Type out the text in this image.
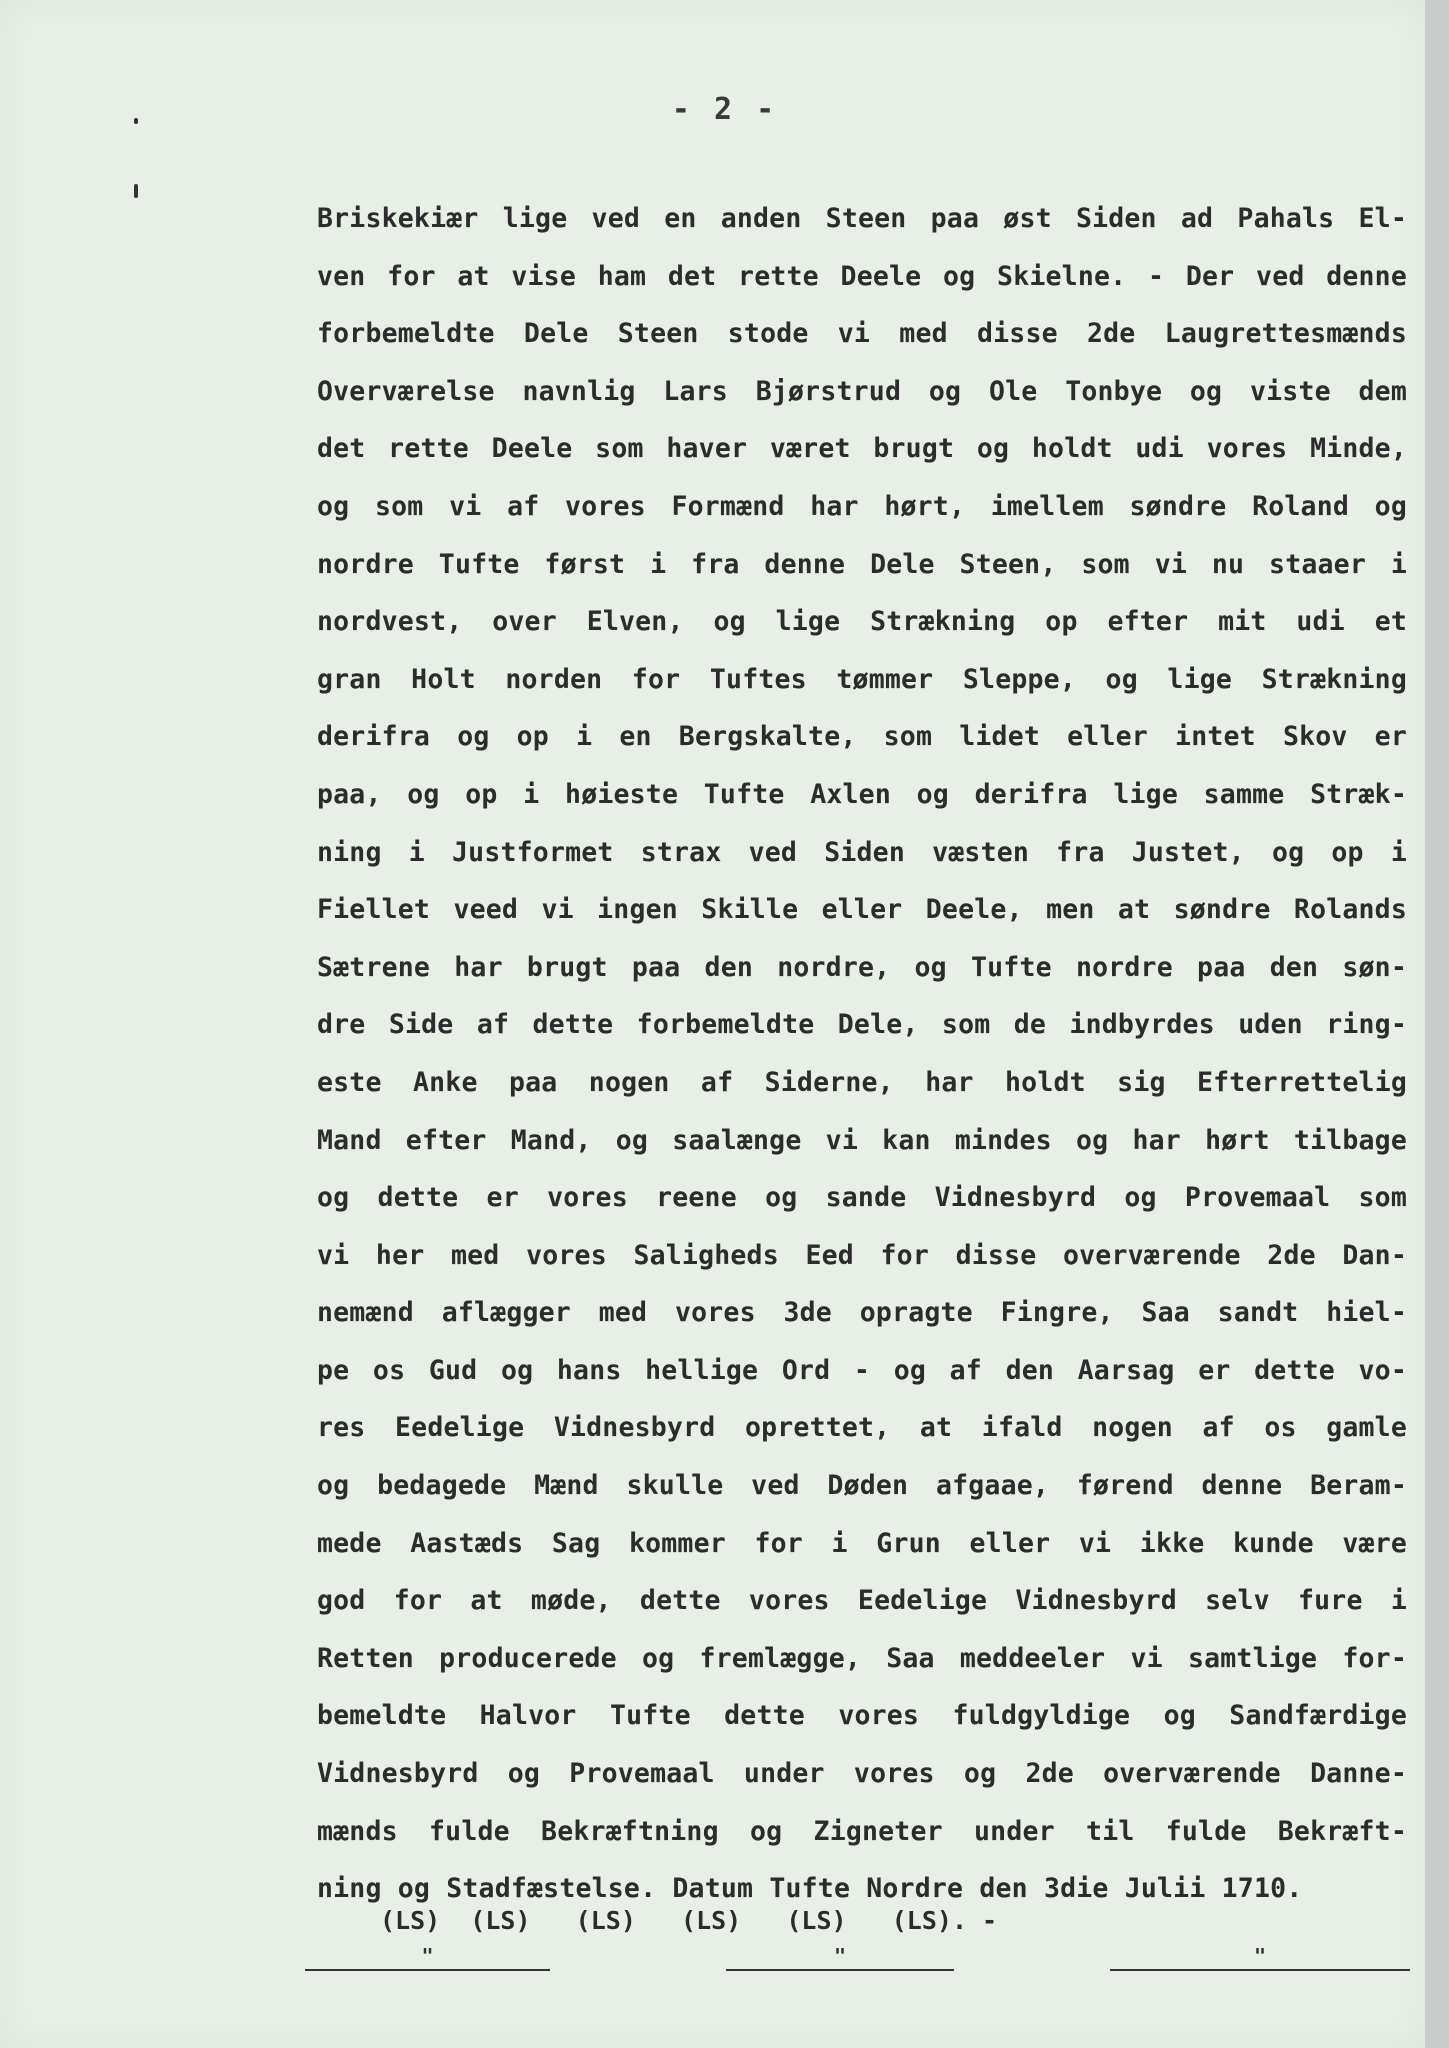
- 2 -
Briskekiær lige ved en anden Steen paa øst Siden ad Pahals El-
ven for at vise ham det rette Deele og Skielne. - Der ved denne
forbemeldte Dele Steen stode vi med disse 2de Laugrettesmænds
Overværelse navnlig Lars Bjørstrud og Ole Tonbye og viste dem
det rette Deele som haver været brugt og holdt udi vores Minde,
og som vi af vores Formænd har hørt, imellem søndre Roland og
nordre Tufte først i fra denne Dele Steen, som vi nu staaer i
nordvest, over Elven, og lige Strækning op efter mit udi et
gran Holt norden for Tuftes tømmer Sleppe, og lige Strækning
derifra og op i en Bergskalte, som lidet eller intet Skov er
paa, og op i høieste Tufte Axlen og derifra lige samme Stræk-
ning i Justformet strax ved Siden væsten fra Justet, og op i
Fiellet veed vi ingen Skille eller Deele, men at søndre Rolands
Sætrene har brugt paa den nordre, og Tufte nordre paa den søn-
dre Side af dette forbemeldte Dele, som de indbyrdes uden ring-
este Anke paa nogen af Siderne, har holdt sig Efterrettelig
Mand efter Mand, og saalænge vi kan mindes og har hørt tilbage
og dette er vores reene og sande Vidnesbyrd og Provemaal som
vi her med vores Saligheds Eed for disse overværende 2de Dan-
nemænd aflægger med vores 3de opragte Fingre, Saa sandt hiel-
pe os Gud og hans hellige Ord - og af den Aarsag er dette vo-
res Eedelige Vidnesbyrd oprettet, at ifald nogen af os gamle
og bedagede Mænd skulle ved Døden afgaae, førend denne Beram-
mede Aastæds Sag kommer for i Grun eller vi ikke kunde være
god for at møde, dette vores Eedelige Vidnesbyrd selv fure i
Retten producerede og fremlægge, Saa meddeeler vi samtlige for-
bemeldte Halvor Tufte dette vores fuldgyldige og Sandfærdige
Vidnesbyrd og Provemaal under vores og 2de overværende Danne-
mænds fulde Bekræftning og Zigneter under til fulde Bekræft-
ning og Stadfæstelse. Datum Tufte Nordre den 3die Julii 1710.
(LS)  (LS)   (LS)   (LS)   (LS)   (LS). -
"	"	"
